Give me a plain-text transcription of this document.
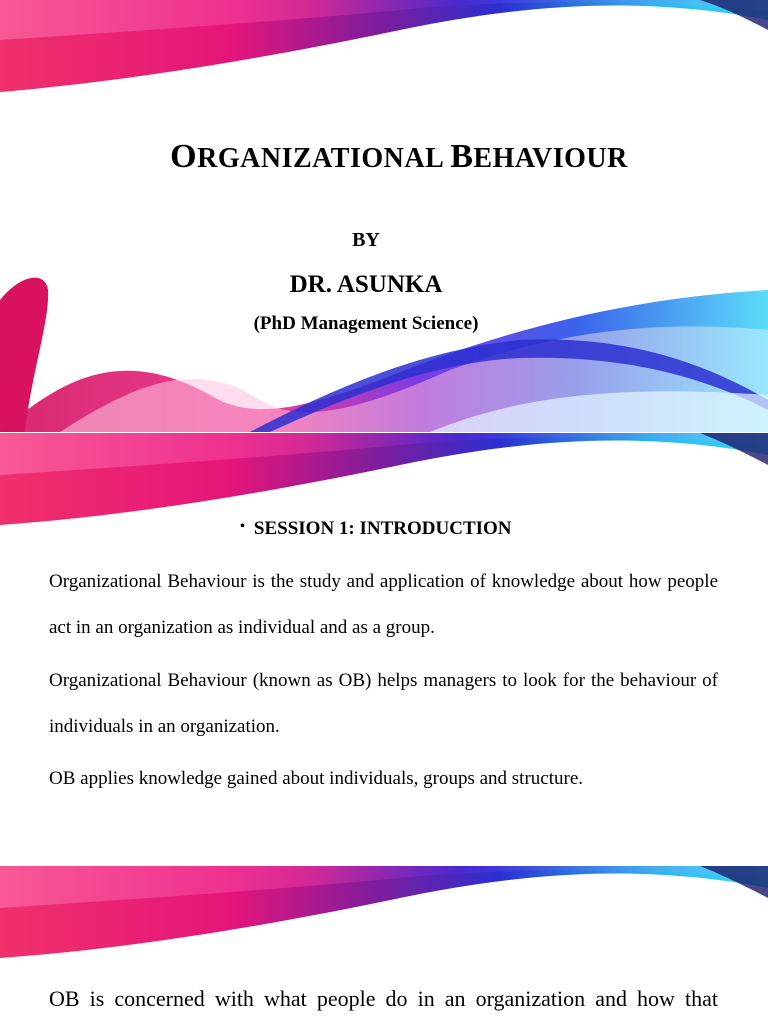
ORGANIZATIONAL BEHAVIOUR
BY
DR. ASUNKA
(PhD Management Science)
• SESSION 1: INTRODUCTION

Organizational Behaviour is the study and application of knowledge about how people act in an organization as individual and as a group.

Organizational Behaviour (known as OB) helps managers to look for the behaviour of individuals in an organization.

OB applies knowledge gained about individuals, groups and structure.

OB is concerned with what people do in an organization and how that
